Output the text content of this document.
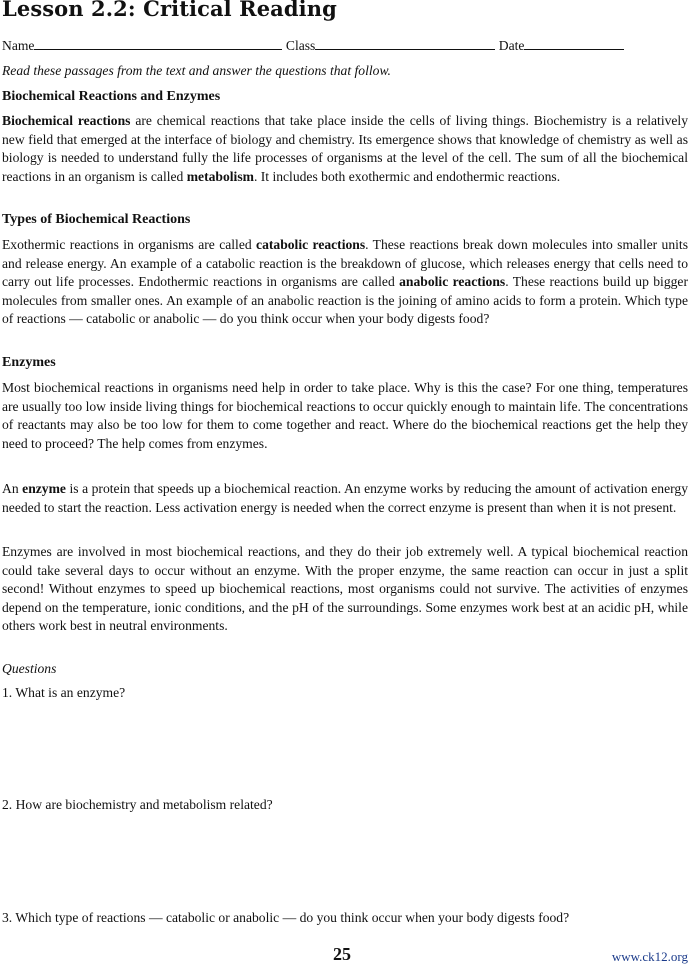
Lesson 2.2: Critical Reading
Name	Class	Date
Read these passages from the text and answer the questions that follow.
Biochemical Reactions and Enzymes
Biochemical reactions are chemical reactions that take place inside the cells of living things. Biochemistry is a relatively new field that emerged at the interface of biology and chemistry. Its emergence shows that knowledge of chemistry as well as biology is needed to understand fully the life processes of organisms at the level of the cell. The sum of all the biochemical reactions in an organism is called metabolism. It includes both exothermic and endothermic reactions.
Types of Biochemical Reactions
Exothermic reactions in organisms are called catabolic reactions. These reactions break down molecules into smaller units and release energy. An example of a catabolic reaction is the breakdown of glucose, which releases energy that cells need to carry out life processes. Endothermic reactions in organisms are called anabolic reactions. These reactions build up bigger molecules from smaller ones. An example of an anabolic reaction is the joining of amino acids to form a protein. Which type of reactions — catabolic or anabolic — do you think occur when your body digests food?
Enzymes
Most biochemical reactions in organisms need help in order to take place. Why is this the case? For one thing, temperatures are usually too low inside living things for biochemical reactions to occur quickly enough to maintain life. The concentrations of reactants may also be too low for them to come together and react. Where do the biochemical reactions get the help they need to proceed? The help comes from enzymes.
An enzyme is a protein that speeds up a biochemical reaction. An enzyme works by reducing the amount of activation energy needed to start the reaction. Less activation energy is needed when the correct enzyme is present than when it is not present.
Enzymes are involved in most biochemical reactions, and they do their job extremely well. A typical biochemical reaction could take several days to occur without an enzyme. With the proper enzyme, the same reaction can occur in just a split second! Without enzymes to speed up biochemical reactions, most organisms could not survive. The activities of enzymes depend on the temperature, ionic conditions, and the pH of the surroundings. Some enzymes work best at an acidic pH, while others work best in neutral environments.
Questions
1. What is an enzyme?
2. How are biochemistry and metabolism related?
3. Which type of reactions — catabolic or anabolic — do you think occur when your body digests food?
25	www.ck12.org
